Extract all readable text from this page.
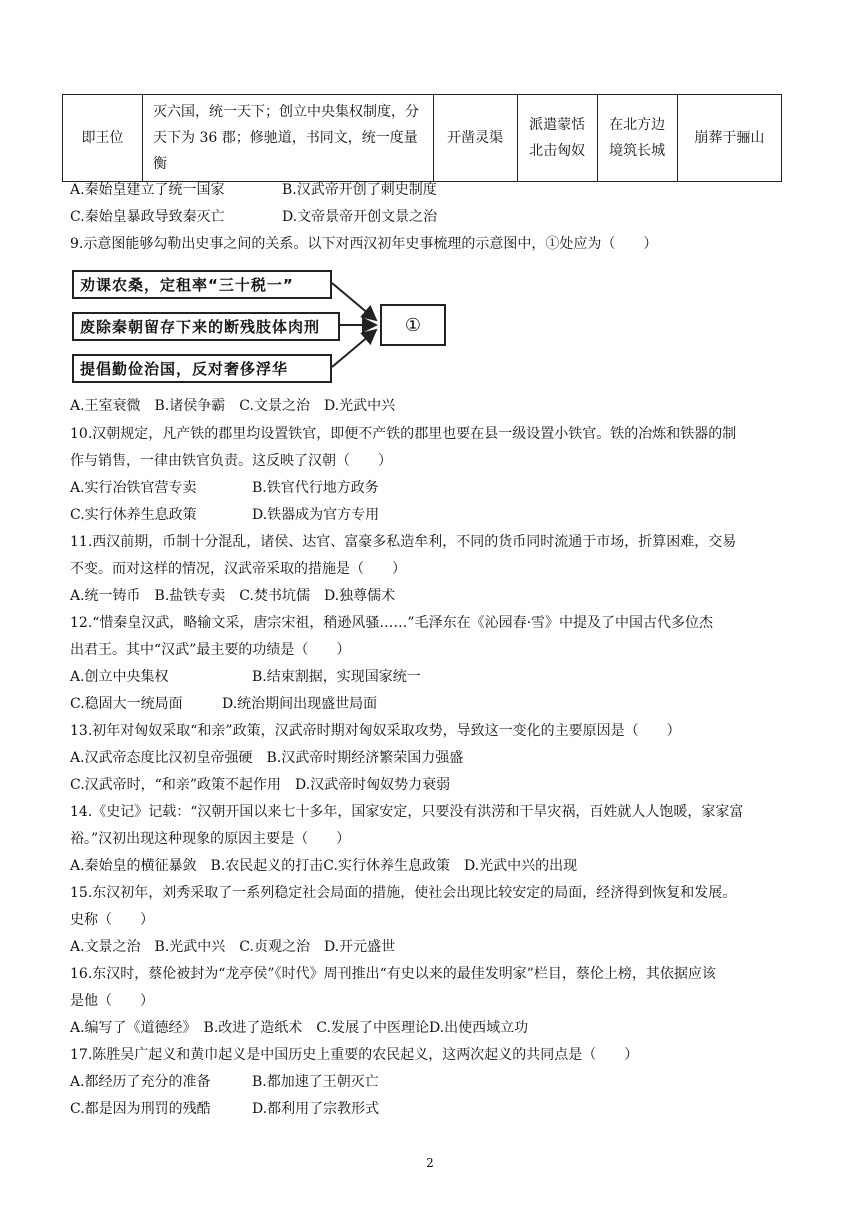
即王位	灭六国，统一天下；创立中央集权制度，分天下为 36 郡；修驰道，书同文，统一度量衡	开凿灵渠	派遣蒙恬北击匈奴	在北方边境筑长城	崩葬于骊山
A.秦始皇建立了统一国家	B.汉武帝开创了刺史制度
C.秦始皇暴政导致秦灭亡	D.文帝景帝开创文景之治
9.示意图能够勾勒出史事之间的关系。以下对西汉初年史事梳理的示意图中，①处应为（　　）
劝课农桑，定租率“三十税一”
废除秦朝留存下来的断残肢体肉刑
提倡勤俭治国，反对奢侈浮华
①
A.王室衰微　B.诸侯争霸　C.文景之治　D.光武中兴
10.汉朝规定，凡产铁的郡里均设置铁官，即便不产铁的郡里也要在县一级设置小铁官。铁的冶炼和铁器的制
作与销售，一律由铁官负责。这反映了汉朝（　　）
A.实行冶铁官营专卖	B.铁官代行地方政务
C.实行休养生息政策	D.铁器成为官方专用
11.西汉前期，币制十分混乱，诸侯、达官、富豪多私造牟利，不同的货币同时流通于市场，折算困难，交易
不变。而对这样的情况，汉武帝采取的措施是（　　）
A.统一铸币　B.盐铁专卖　C.焚书坑儒　D.独尊儒术
12.“惜秦皇汉武，略输文采，唐宗宋祖，稍逊风骚……”毛泽东在《沁园春·雪》中提及了中国古代多位杰
出君王。其中“汉武”最主要的功绩是（　　）
A.创立中央集权	B.结束割据，实现国家统一
C.稳固大一统局面	D.统治期间出现盛世局面
13.初年对匈奴采取“和亲”政策，汉武帝时期对匈奴采取攻势，导致这一变化的主要原因是（　　）
A.汉武帝态度比汉初皇帝强硬　B.汉武帝时期经济繁荣国力强盛
C.汉武帝时，“和亲”政策不起作用　D.汉武帝时匈奴势力衰弱
14.《史记》记载：“汉朝开国以来七十多年，国家安定，只要没有洪涝和干旱灾祸，百姓就人人饱暖，家家富
裕。”汉初出现这种现象的原因主要是（　　）
A.秦始皇的横征暴敛　B.农民起义的打击C.实行休养生息政策　D.光武中兴的出现
15.东汉初年，刘秀采取了一系列稳定社会局面的措施，使社会出现比较安定的局面，经济得到恢复和发展。
史称（　　）
A.文景之治　B.光武中兴　C.贞观之治　D.开元盛世
16.东汉时，蔡伦被封为“龙亭侯”《时代》周刊推出“有史以来的最佳发明家”栏目，蔡伦上榜，其依据应该
是他（　　）
A.编写了《道德经》　B.改进了造纸术　C.发展了中医理论D.出使西域立功
17.陈胜吴广起义和黄巾起义是中国历史上重要的农民起义，这两次起义的共同点是（　　）
A.都经历了充分的准备	B.都加速了王朝灭亡
C.都是因为刑罚的残酷	D.都利用了宗教形式
2
